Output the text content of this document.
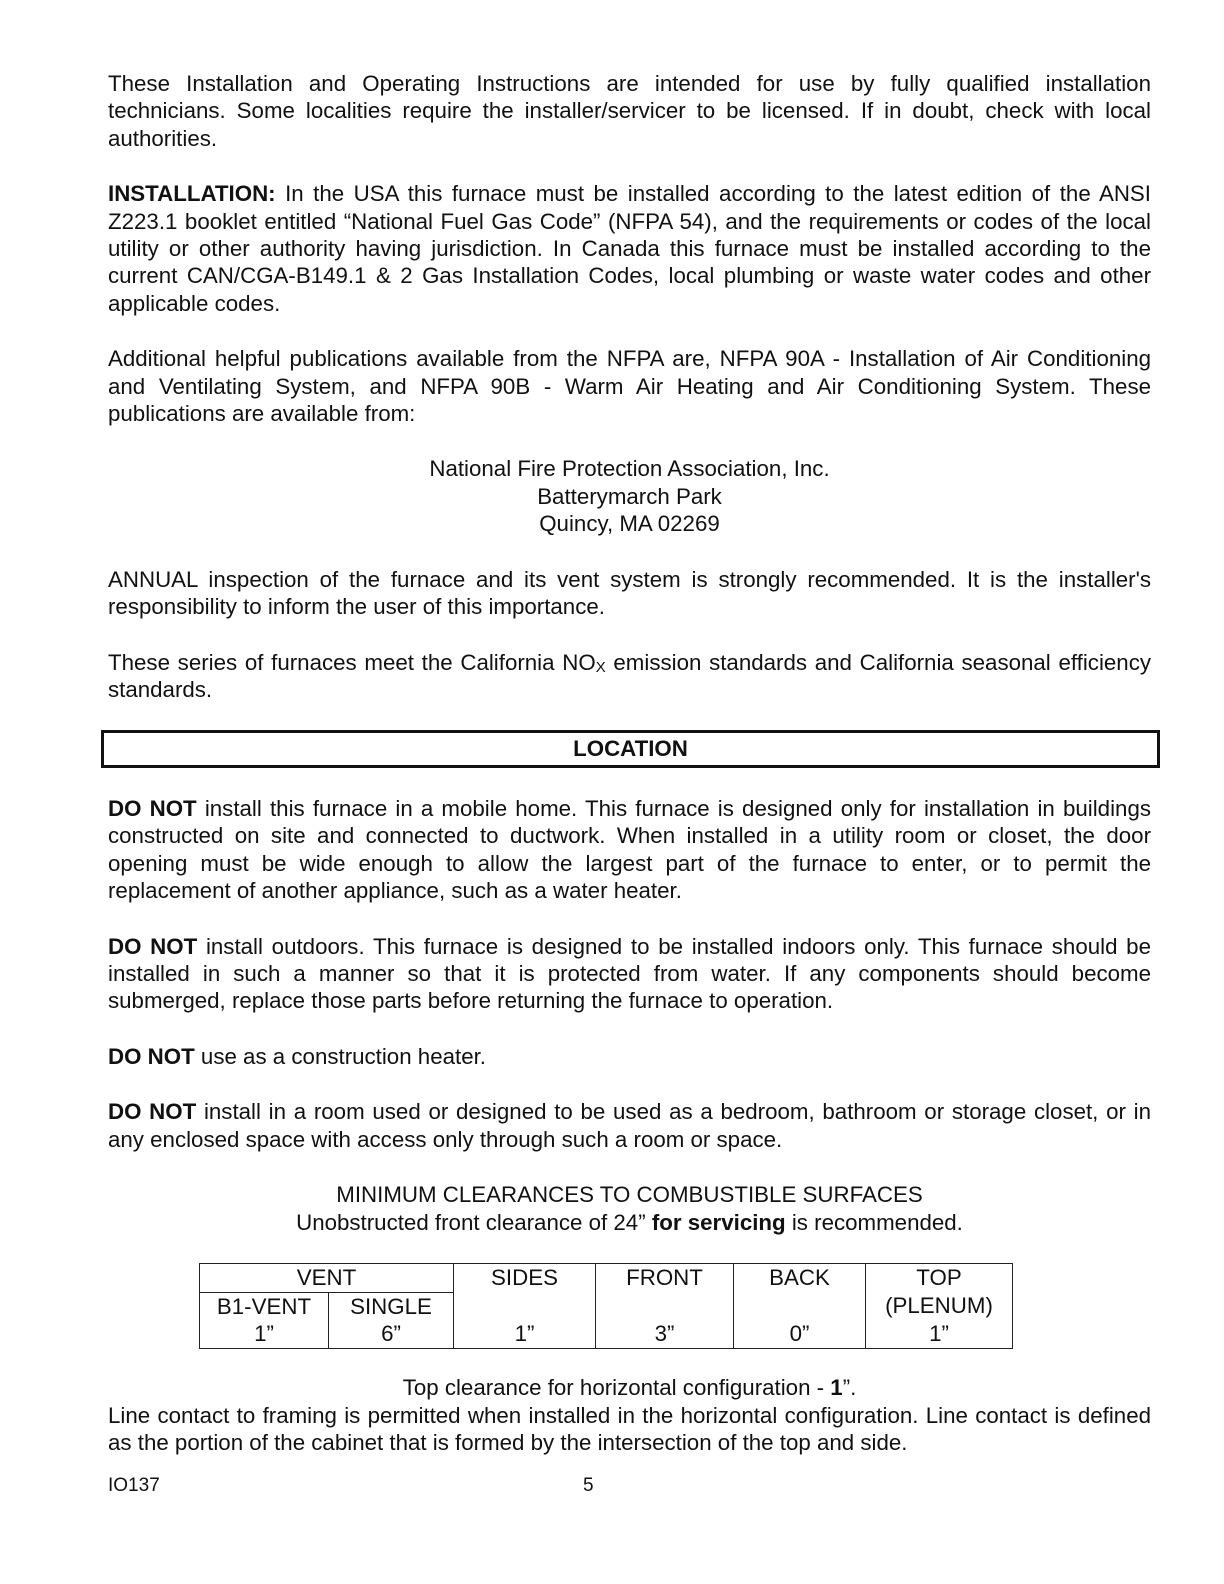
These Installation and Operating Instructions are intended for use by fully qualified installation technicians. Some localities require the installer/servicer to be licensed. If in doubt, check with local authorities.

INSTALLATION: In the USA this furnace must be installed according to the latest edition of the ANSI Z223.1 booklet entitled “National Fuel Gas Code” (NFPA 54), and the requirements or codes of the local utility or other authority having jurisdiction. In Canada this furnace must be installed according to the current CAN/CGA-B149.1 & 2 Gas Installation Codes, local plumbing or waste water codes and other applicable codes.

Additional helpful publications available from the NFPA are, NFPA 90A - Installation of Air Conditioning and Ventilating System, and NFPA 90B - Warm Air Heating and Air Conditioning System. These publications are available from:

National Fire Protection Association, Inc.
Batterymarch Park
Quincy, MA 02269

ANNUAL inspection of the furnace and its vent system is strongly recommended. It is the installer's responsibility to inform the user of this importance.

These series of furnaces meet the California $NO_X$ emission standards and California seasonal efficiency standards.

LOCATION

DO NOT install this furnace in a mobile home. This furnace is designed only for installation in buildings constructed on site and connected to ductwork. When installed in a utility room or closet, the door opening must be wide enough to allow the largest part of the furnace to enter, or to permit the replacement of another appliance, such as a water heater.

DO NOT install outdoors. This furnace is designed to be installed indoors only. This furnace should be installed in such a manner so that it is protected from water. If any components should become submerged, replace those parts before returning the furnace to operation.

DO NOT use as a construction heater.

DO NOT install in a room used or designed to be used as a bedroom, bathroom or storage closet, or in any enclosed space with access only through such a room or space.

MINIMUM CLEARANCES TO COMBUSTIBLE SURFACES
Unobstructed front clearance of 24” for servicing is recommended.
VENT		SIDES	FRONT	BACK	TOP
B1-VENT	SINGLE				(PLENUM)
1”	6”	1”	3”	0”	1”
Top clearance for horizontal configuration - 1”.

Line contact to framing is permitted when installed in the horizontal configuration. Line contact is defined as the portion of the cabinet that is formed by the intersection of the top and side.

IO137	5
